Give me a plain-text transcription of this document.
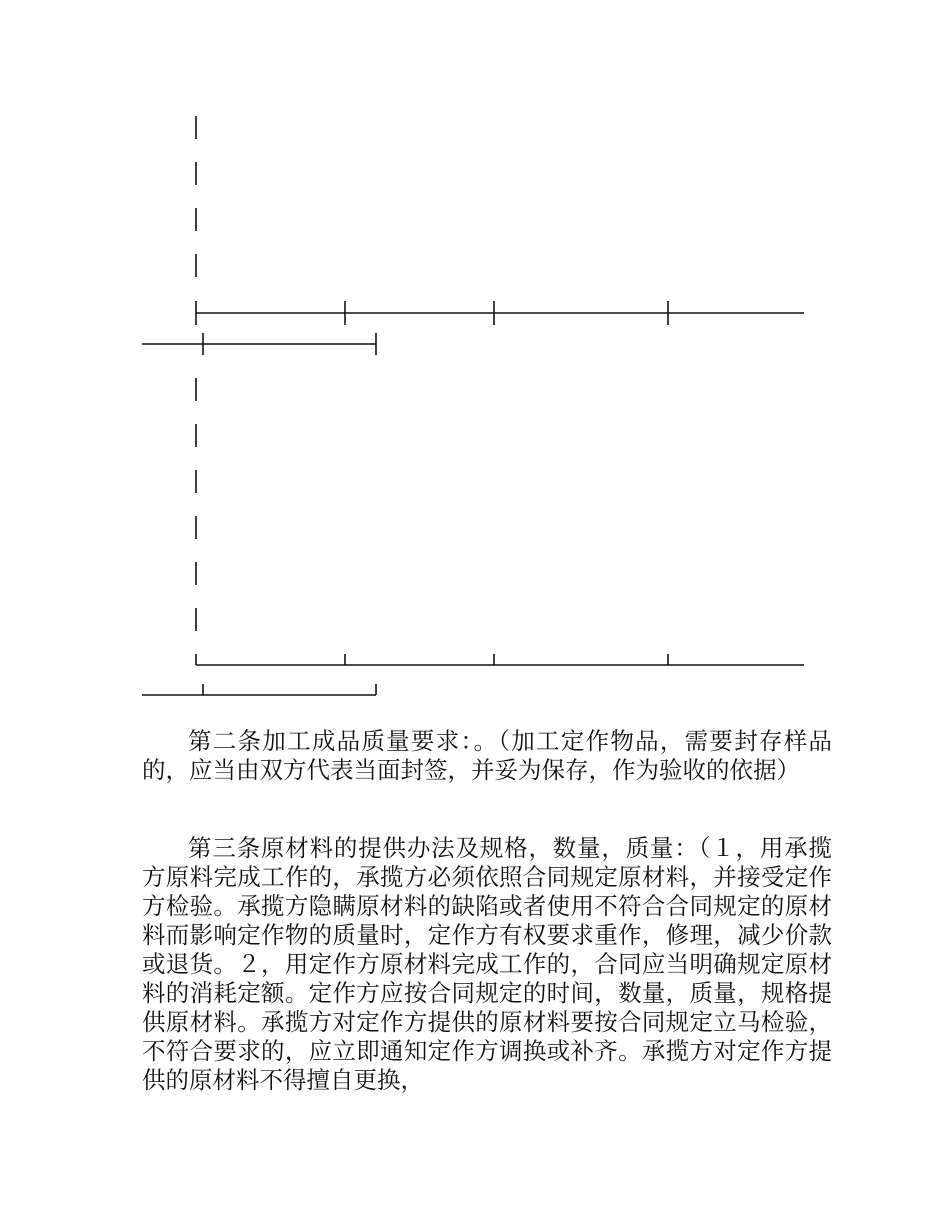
第二条加工成品质量要求：。（加工定作物品，需要封存样品的，应当由双方代表当面封签，并妥为保存，作为验收的依据）

第三条原材料的提供办法及规格，数量，质量：（１，用承揽方原料完成工作的，承揽方必须依照合同规定原材料，并接受定作方检验。承揽方隐瞒原材料的缺陷或者使用不符合合同规定的原材料而影响定作物的质量时，定作方有权要求重作，修理，减少价款或退货。２，用定作方原材料完成工作的，合同应当明确规定原材料的消耗定额。定作方应按合同规定的时间，数量，质量，规格提供原材料。承揽方对定作方提供的原材料要按合同规定立马检验，不符合要求的，应立即通知定作方调换或补齐。承揽方对定作方提供的原材料不得擅自更换，
